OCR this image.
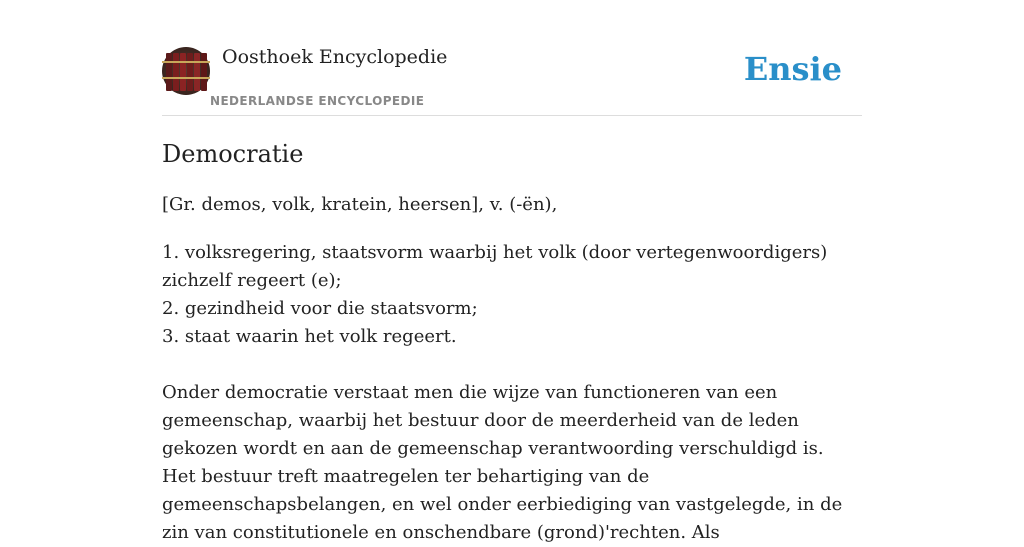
Oosthoek Encyclopedie
NEDERLANDSE ENCYCLOPEDIE
Ensie
Democratie
[Gr. demos, volk, kratein, heersen], v. (-ën),
1. volksregering, staatsvorm waarbij het volk (door vertegenwoordigers) zichzelf regeert (e);
2. gezindheid voor die staatsvorm;
3. staat waarin het volk regeert.
Onder democratie verstaat men die wijze van functioneren van een gemeenschap, waarbij het bestuur door de meerderheid van de leden gekozen wordt en aan de gemeenschap verantwoording verschuldigd is. Het bestuur treft maatregelen ter behartiging van de gemeenschapsbelangen, en wel onder eerbiediging van vastgelegde, in de zin van constitutionele en onschendbare (grond)'rechten. Als
